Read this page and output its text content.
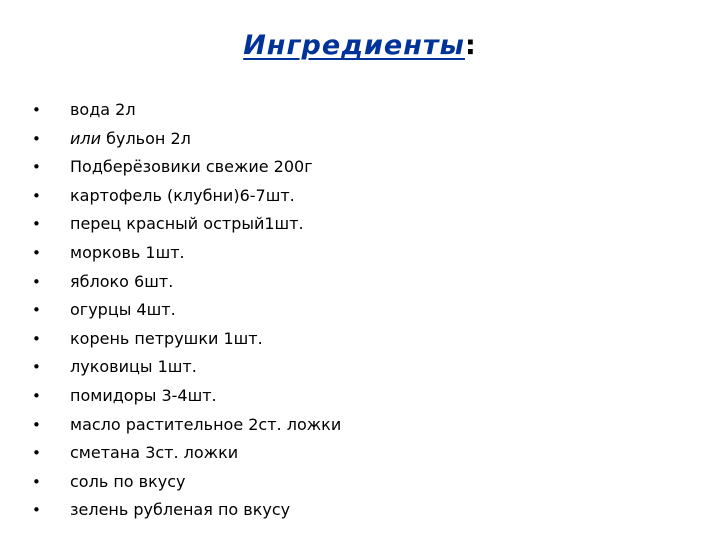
Ингредиенты:
• вода 2л
• или бульон 2л
• Подберёзовики свежие 200г
• картофель (клубни)6-7шт.
• перец красный острый1шт.
• морковь 1шт.
• яблоко 6шт.
• огурцы 4шт.
• корень петрушки 1шт.
• луковицы 1шт.
• помидоры 3-4шт.
• масло растительное 2ст. ложки
• сметана 3ст. ложки
• соль по вкусу
• зелень рубленая по вкусу
